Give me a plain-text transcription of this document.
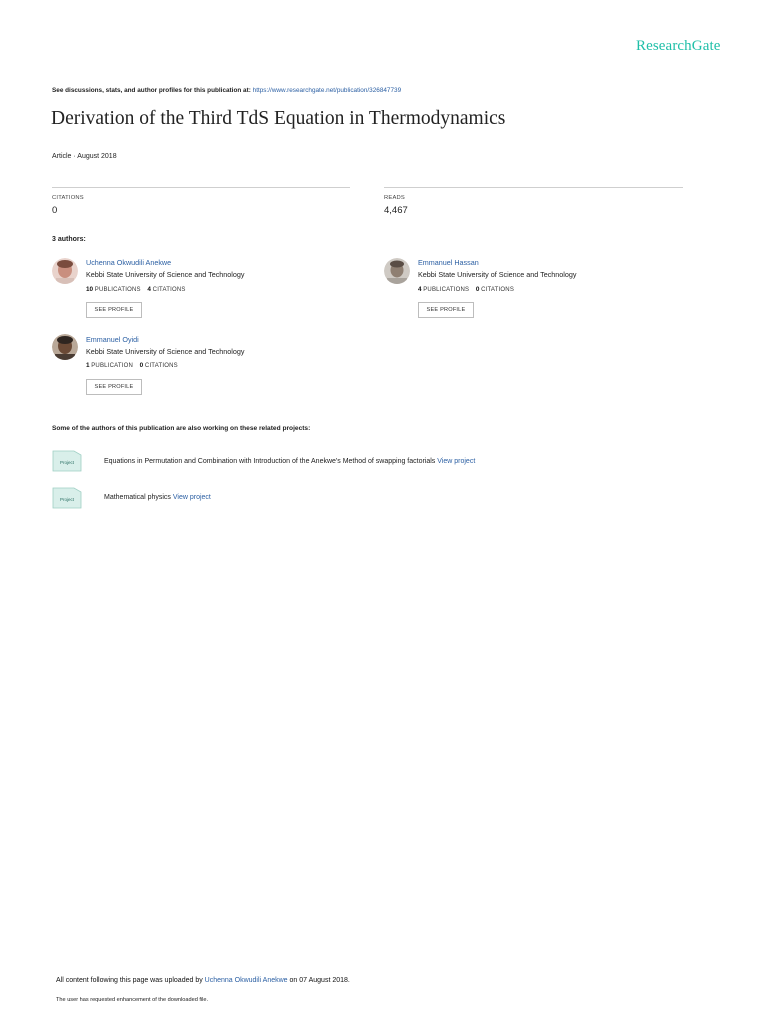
ResearchGate
See discussions, stats, and author profiles for this publication at: https://www.researchgate.net/publication/326847739
Derivation of the Third TdS Equation in Thermodynamics
Article · August 2018
CITATIONS
0
READS
4,467
3 authors:
Uchenna Okwudili Anekwe
Kebbi State University of Science and Technology
10 PUBLICATIONS 4 CITATIONS
SEE PROFILE
Emmanuel Hassan
Kebbi State University of Science and Technology
4 PUBLICATIONS 0 CITATIONS
SEE PROFILE
Emmanuel Oyidi
Kebbi State University of Science and Technology
1 PUBLICATION 0 CITATIONS
SEE PROFILE
Some of the authors of this publication are also working on these related projects:
Project	Equations in Permutation and Combination with Introduction of the Anekwe's Method of swapping factorials View project
Project	Mathematical physics View project
All content following this page was uploaded by Uchenna Okwudili Anekwe on 07 August 2018.
The user has requested enhancement of the downloaded file.
